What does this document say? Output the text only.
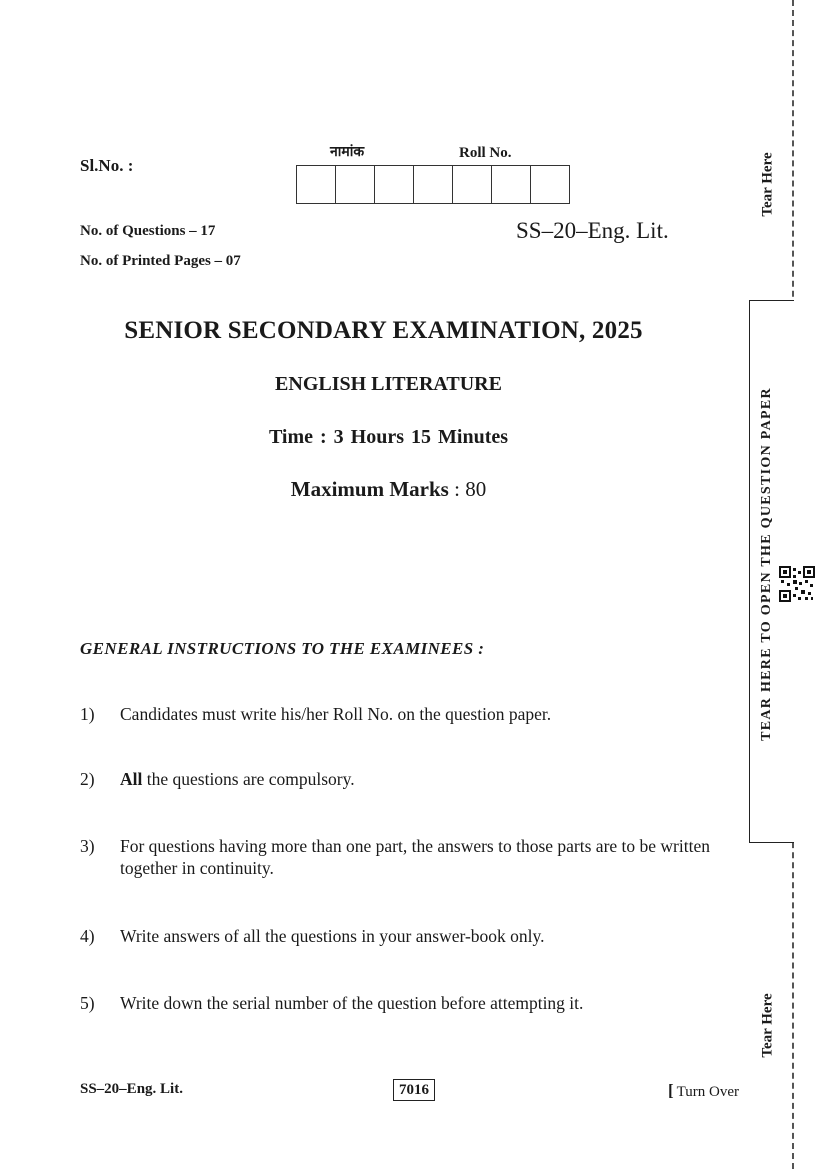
Sl.No. :
नामांक	Roll No.
No. of Questions – 17
No. of Printed Pages – 07
SS–20–Eng. Lit.
SENIOR SECONDARY EXAMINATION, 2025
ENGLISH LITERATURE
Time : 3 Hours 15 Minutes
Maximum Marks : 80
GENERAL INSTRUCTIONS TO THE EXAMINEES :
1)	Candidates must write his/her Roll No. on the question paper.
2)	All the questions are compulsory.
3)	For questions having more than one part, the answers to those parts are to be written together in continuity.
4)	Write answers of all the questions in your answer-book only.
5)	Write down the serial number of the question before attempting it.
SS–20–Eng. Lit.	7016	[ Turn Over
Tear Here
TEAR HERE TO OPEN THE QUESTION PAPER
Tear Here
